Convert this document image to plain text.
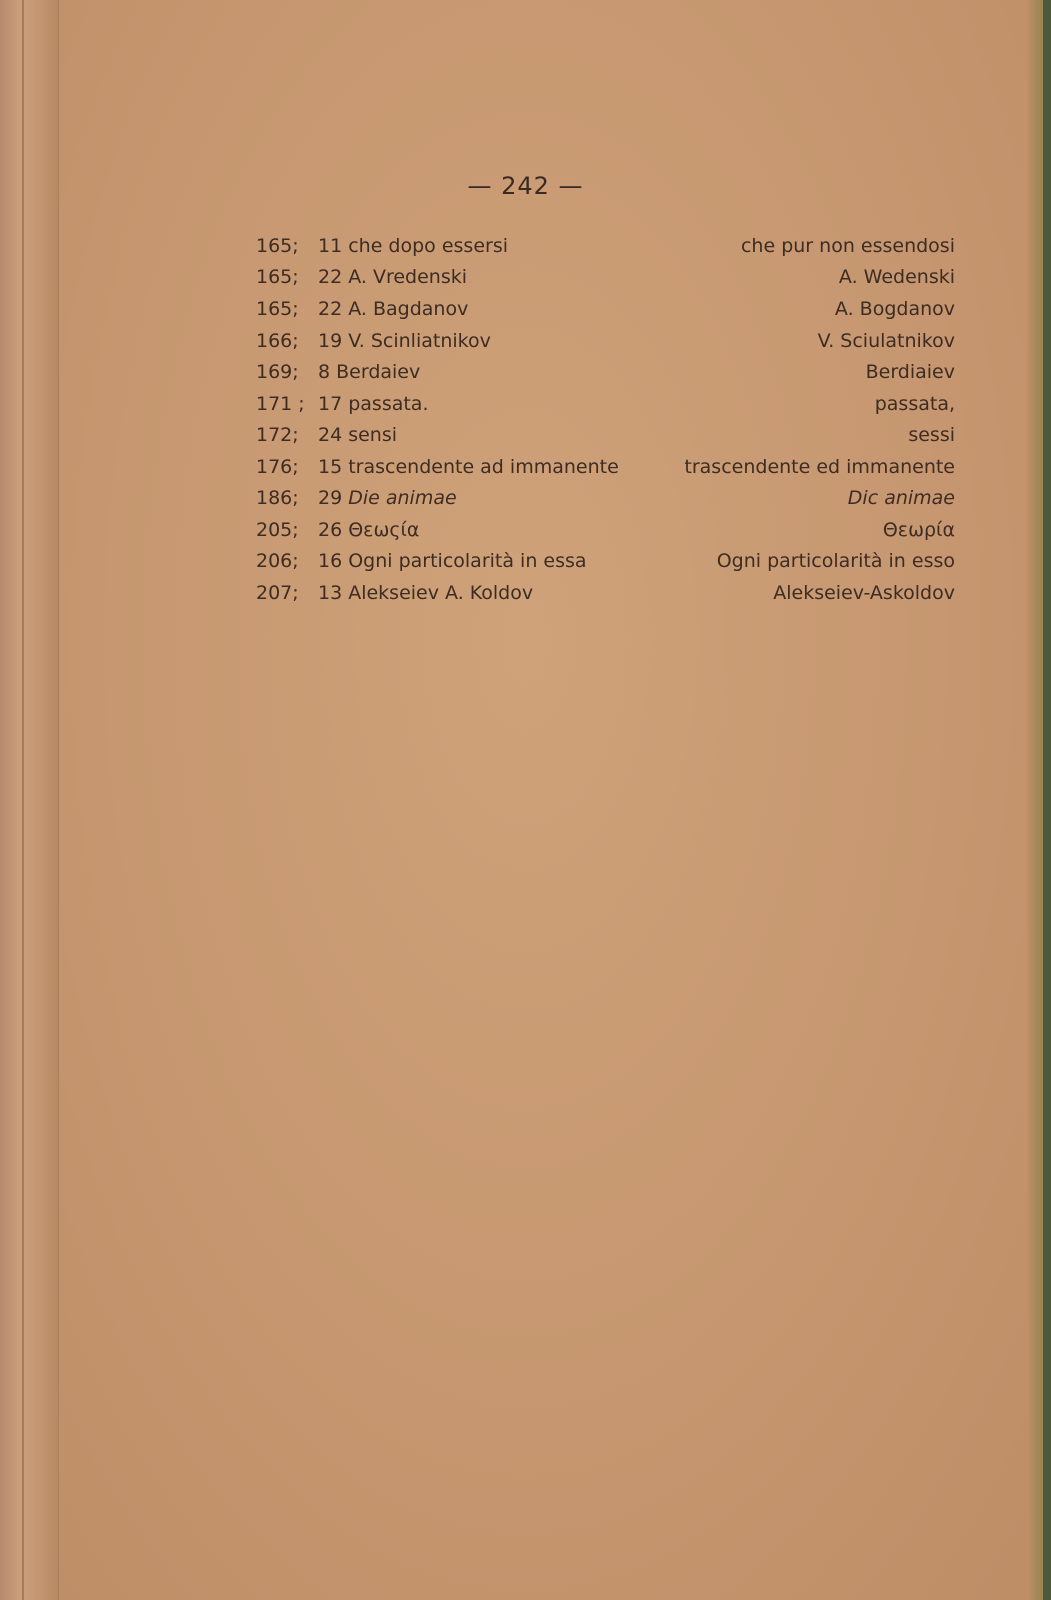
— 242 —
165;	11 che dopo essersi	che pur non essendosi
165;	22 A. Vredenski	A. Wedenski
165;	22 A. Bagdanov	A. Bogdanov
166;	19 V. Scinliatnikov	V. Sciulatnikov
169;	8 Berdaiev	Berdiaiev
171 ; 17 passata.	passata,
172;	24 sensi	sessi
176;	15 trascendente ad immanente	trascendente ed immanente
186;	29 Die animae	Dic animae
205;	26 Θεωςία	Θεωρία
206;	16 Ogni particolarità in essa	Ogni particolarità in esso
207;	13 Alekseiev A. Koldov	Alekseiev-Askoldov
